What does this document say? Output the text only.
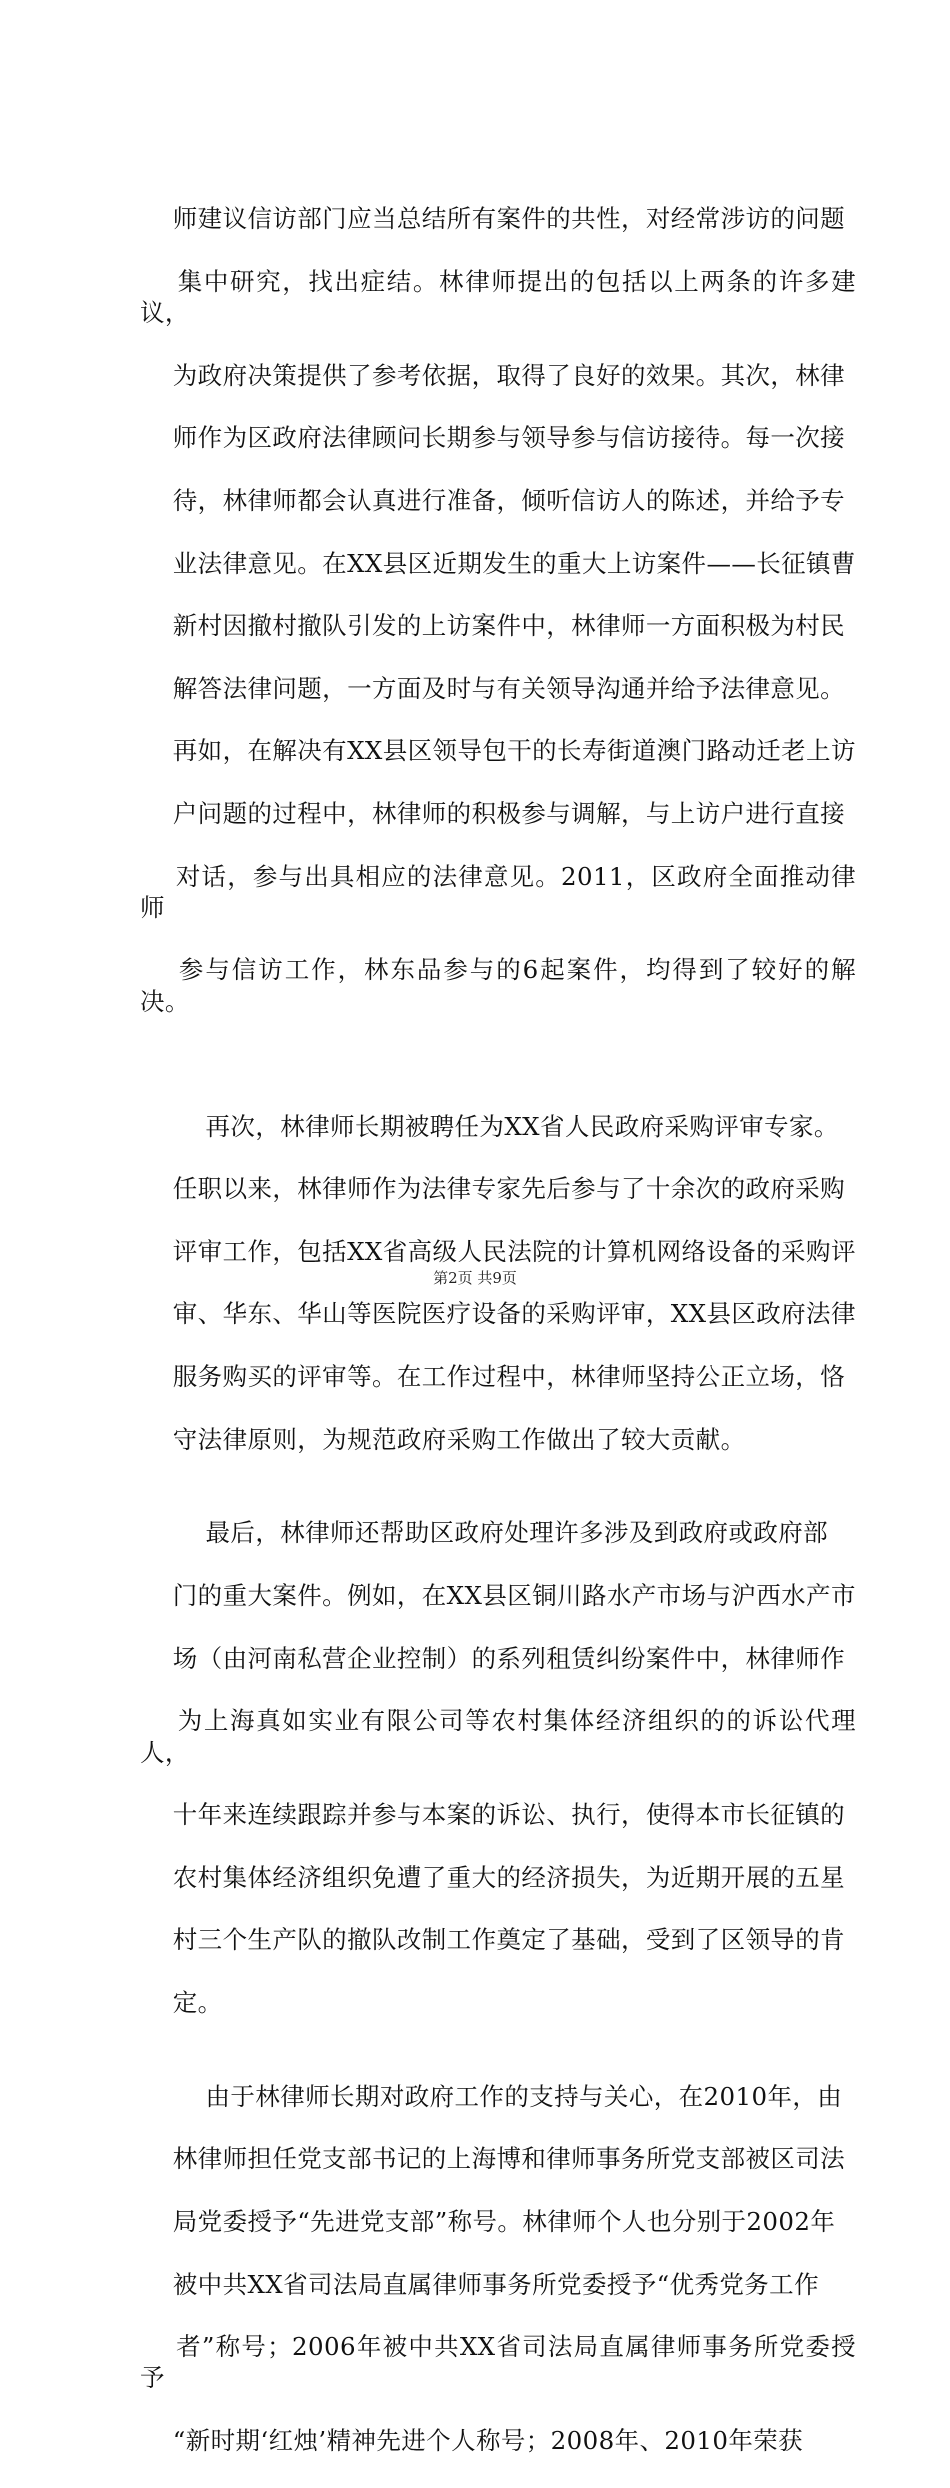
师建议信访部门应当总结所有案件的共性，对经常涉访的问题

集中研究，找出症结。林律师提出的包括以上两条的许多建议，

为政府决策提供了参考依据，取得了良好的效果。其次，林律

师作为区政府法律顾问长期参与领导参与信访接待。每一次接

待，林律师都会认真进行准备，倾听信访人的陈述，并给予专

业法律意见。在XX县区近期发生的重大上访案件——长征镇曹

新村因撤村撤队引发的上访案件中，林律师一方面积极为村民

解答法律问题，一方面及时与有关领导沟通并给予法律意见。

再如，在解决有XX县区领导包干的长寿街道澳门路动迁老上访

户问题的过程中，林律师的积极参与调解，与上访户进行直接

对话，参与出具相应的法律意见。2011，区政府全面推动律师

参与信访工作，林东品参与的6起案件，均得到了较好的解决。

再次，林律师长期被聘任为XX省人民政府采购评审专家。

任职以来，林律师作为法律专家先后参与了十余次的政府采购

评审工作，包括XX省高级人民法院的计算机网络设备的采购评

审、华东、华山等医院医疗设备的采购评审，XX县区政府法律

服务购买的评审等。在工作过程中，林律师坚持公正立场，恪

守法律原则，为规范政府采购工作做出了较大贡献。

最后，林律师还帮助区政府处理许多涉及到政府或政府部

门的重大案件。例如，在XX县区铜川路水产市场与沪西水产市

场（由河南私营企业控制）的系列租赁纠纷案件中，林律师作

为上海真如实业有限公司等农村集体经济组织的的诉讼代理人，

十年来连续跟踪并参与本案的诉讼、执行，使得本市长征镇的

农村集体经济组织免遭了重大的经济损失，为近期开展的五星

村三个生产队的撤队改制工作奠定了基础，受到了区领导的肯

定。

由于林律师长期对政府工作的支持与关心，在2010年，由

林律师担任党支部书记的上海博和律师事务所党支部被区司法

局党委授予“先进党支部”称号。林律师个人也分别于2002年

被中共XX省司法局直属律师事务所党委授予“优秀党务工作

者”称号；2006年被中共XX省司法局直属律师事务所党委授予

“新时期‘红烛’精神先进个人称号；2008年、2010年荣获

第2页 共9页
